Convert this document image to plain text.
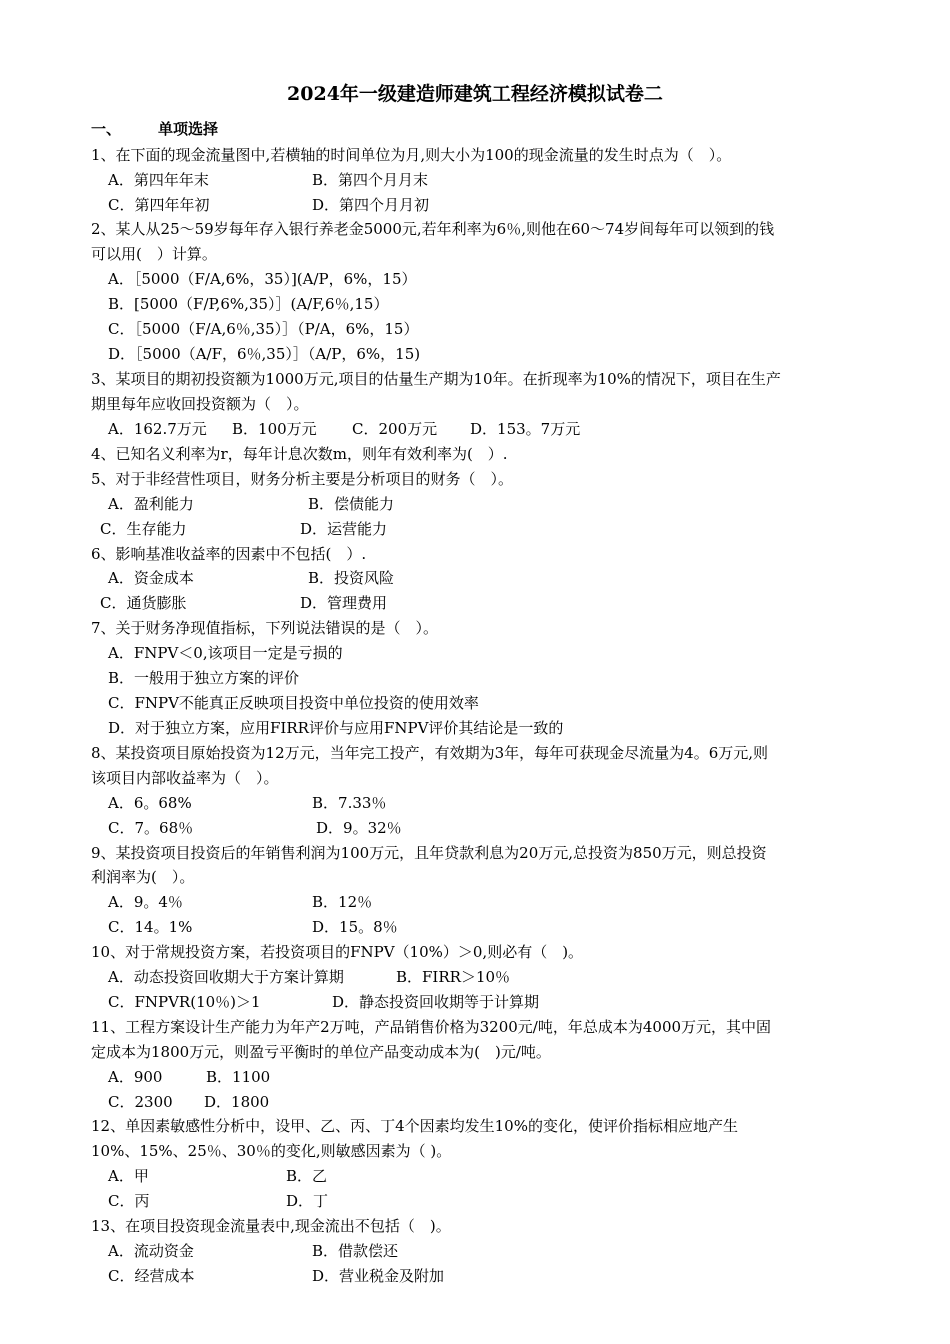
2024年一级建造师建筑工程经济模拟试卷二
一、 单项选择
1、在下面的现金流量图中,若横轴的时间单位为月,则大小为100的现金流量的发生时点为（　）。
A．第四年年末	B．第四个月月末
C．第四年年初	D．第四个月月初
2、某人从25～59岁每年存入银行养老金5000元,若年利率为6％,则他在60～74岁间每年可以领到的钱
可以用(　）计算。
A．［5000（F/A,6%，35）](A/P，6%，15）
B．[5000（F/P,6%,35）］(A/F,6％,15）
C．［5000（F/A,6％,35）］（P/A，6%，15）
D．［5000（A/F，6％,35）］（A/P，6%，15)
3、某项目的期初投资额为1000万元,项目的估量生产期为10年。在折现率为10%的情况下，项目在生产
期里每年应收回投资额为（　）。
A．162.7万元 B．100万元 C．200万元 D．153。7万元
4、已知名义利率为r，每年计息次数m，则年有效利率为(　）.
5、对于非经营性项目，财务分析主要是分析项目的财务（　）。
A．盈利能力	B．偿债能力
C．生存能力	D．运营能力
6、影响基准收益率的因素中不包括(　）.
A．资金成本	B．投资风险
C．通货膨胀	D．管理费用
7、关于财务净现值指标，下列说法错误的是（　）。
A．FNPV＜0,该项目一定是亏损的
B．一般用于独立方案的评价
C．FNPV不能真正反映项目投资中单位投资的使用效率
D．对于独立方案，应用FIRR评价与应用FNPV评价其结论是一致的
8、某投资项目原始投资为12万元，当年完工投产，有效期为3年，每年可获现金尽流量为4。6万元,则
该项目内部收益率为（　）。
A．6。68%	B．7.33％
C．7。68％	D．9。32％
9、某投资项目投资后的年销售利润为100万元，且年贷款利息为20万元,总投资为850万元，则总投资
利润率为(　）。
A．9。4％	B．12％
C．14。1%	D．15。8％
10、对于常规投资方案，若投资项目的FNPV（10%）＞0,则必有（　)。
A．动态投资回收期大于方案计算期	B．FIRR＞10％
C．FNPVR(10％)＞1	D．静态投资回收期等于计算期
11、工程方案设计生产能力为年产2万吨，产品销售价格为3200元/吨，年总成本为4000万元，其中固
定成本为1800万元，则盈亏平衡时的单位产品变动成本为(　)元/吨。
A．900	B．1100
C．2300 D．1800
12、单因素敏感性分析中，设甲、乙、丙、丁4个因素均发生10%的变化，使评价指标相应地产生
10%、15%、25％、30％的变化,则敏感因素为（ )。
A．甲	B．乙
C．丙	D．丁
13、在项目投资现金流量表中,现金流出不包括（　)。
A．流动资金	B．借款偿还
C．经营成本	D．营业税金及附加
